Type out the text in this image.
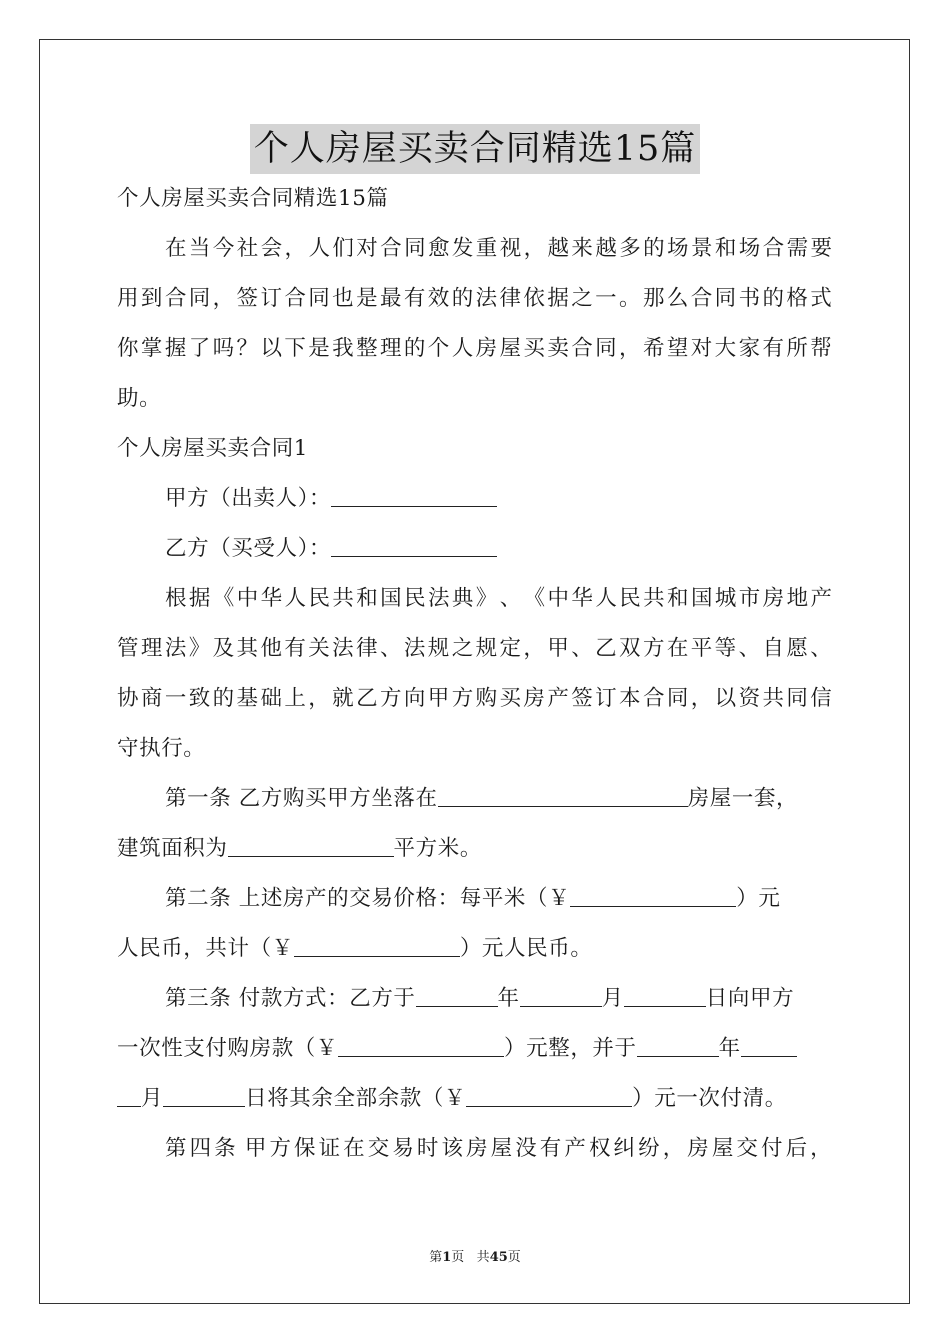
个人房屋买卖合同精选15篇
个人房屋买卖合同精选15篇
在 当 今 社 会 ， 人 们 对 合 同 愈 发 重 视 ， 越 来 越 多 的 场 景 和 场 合 需 要
用 到 合 同 ， 签 订 合 同 也 是 最 有 效 的 法 律 依 据 之 一 。 那 么 合 同 书 的 格 式
你 掌 握 了 吗 ？ 以 下 是 我 整 理 的 个 人 房 屋 买 卖 合 同 ， 希 望 对 大 家 有 所 帮
助。
个人房屋买卖合同1
甲方（出卖人）：
乙方（买受人）：
根 据 《 中 华 人 民 共 和 国 民 法 典 》 、 《 中 华 人 民 共 和 国 城 市 房 地 产
管 理 法 》 及 其 他 有 关 法 律 、 法 规 之 规 定 ， 甲 、 乙 双 方 在 平 等 、 自 愿 、
协 商 一 致 的 基 础 上 ， 就 乙 方 向 甲 方 购 买 房 产 签 订 本 合 同 ， 以 资 共 同 信
守执行。
第一条 乙方购买甲方坐落在	房屋一套，
建筑面积为	平方米。
第二条 上述房产的交易价格：每平米（￥	）元
人民币，共计（￥	）元人民币。
第三条 付款方式：乙方于	年	月	日向甲方
一次性支付购房款（￥	）元整，并于	年
月	日将其余全部余款（￥	）元一次付清。
第 四 条 甲 方 保 证 在 交 易 时 该 房 屋 没 有 产 权 纠 纷 ， 房 屋 交 付 后 ，
第1页 共45页
